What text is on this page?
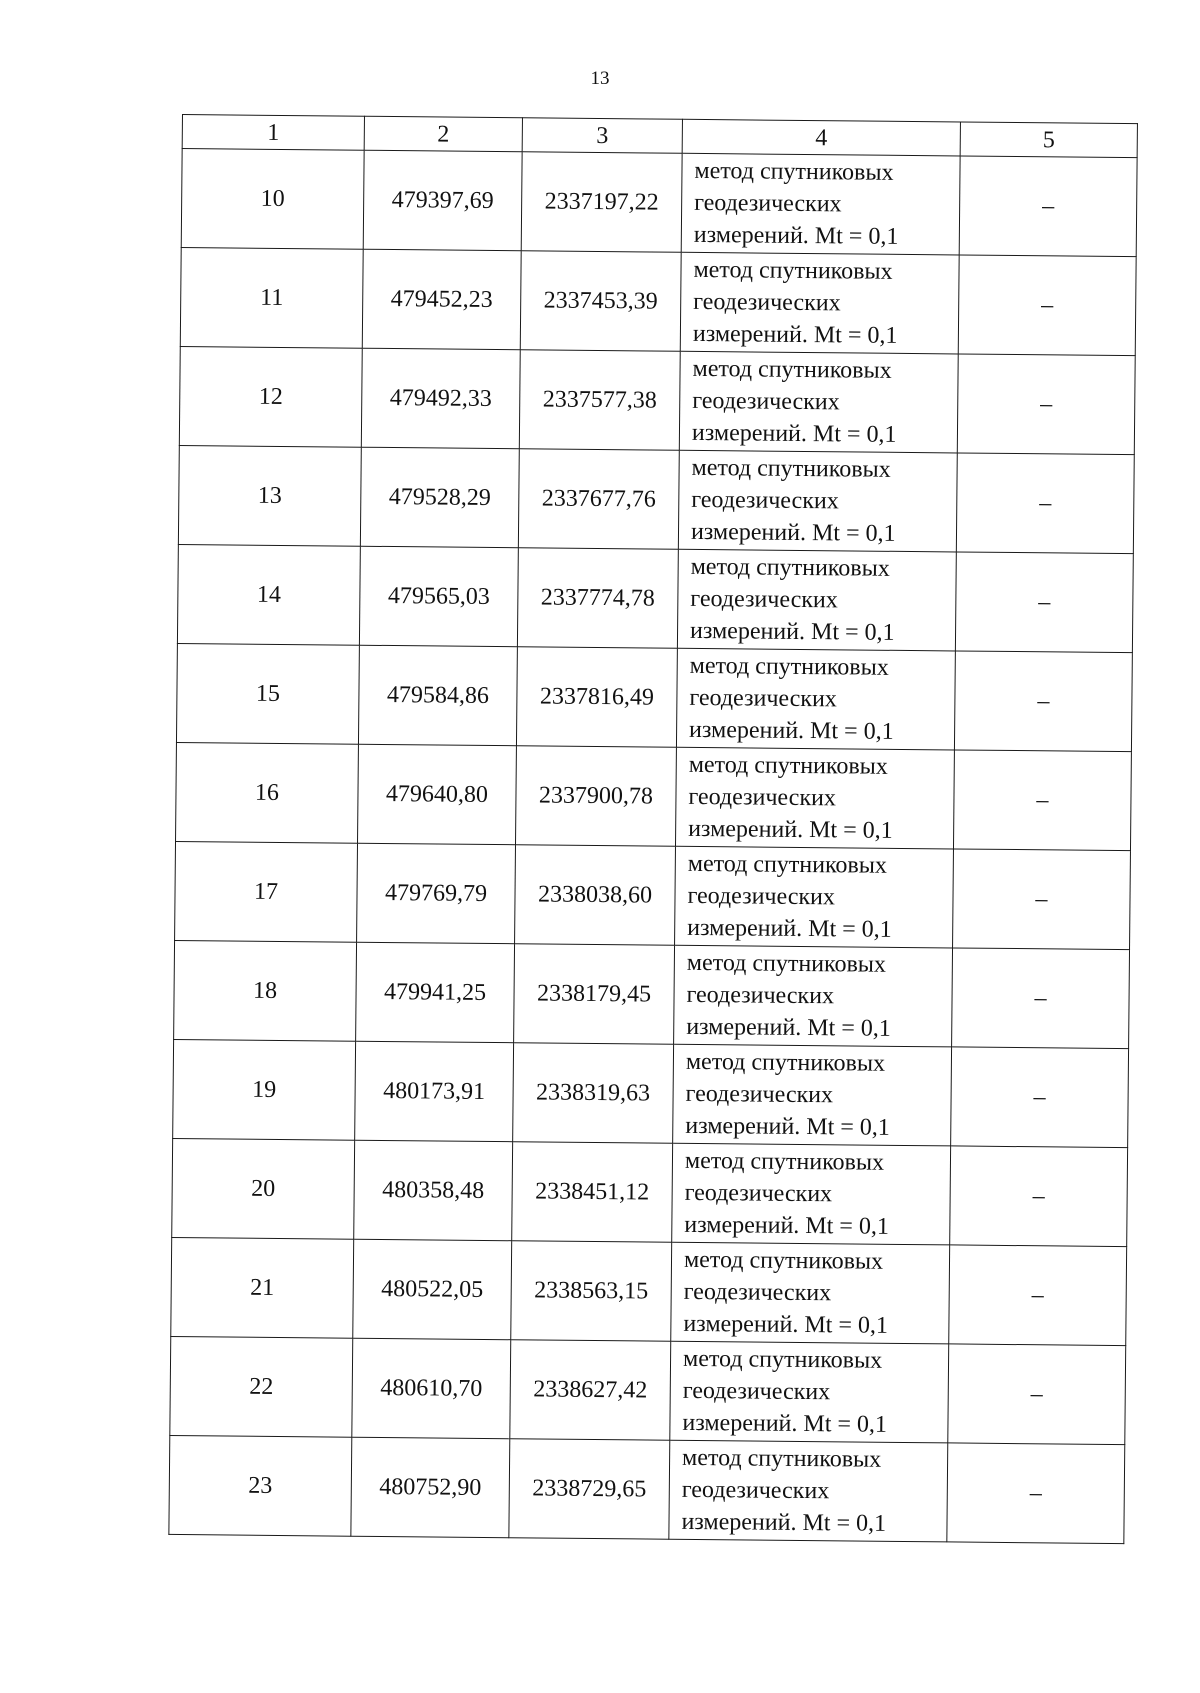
13
1	2	3	4	5
10	479397,69	2337197,22	метод спутниковых
геодезических
измерений. Mt = 0,1	–
11	479452,23	2337453,39	метод спутниковых
геодезических
измерений. Mt = 0,1	–
12	479492,33	2337577,38	метод спутниковых
геодезических
измерений. Mt = 0,1	–
13	479528,29	2337677,76	метод спутниковых
геодезических
измерений. Mt = 0,1	–
14	479565,03	2337774,78	метод спутниковых
геодезических
измерений. Mt = 0,1	–
15	479584,86	2337816,49	метод спутниковых
геодезических
измерений. Mt = 0,1	–
16	479640,80	2337900,78	метод спутниковых
геодезических
измерений. Mt = 0,1	–
17	479769,79	2338038,60	метод спутниковых
геодезических
измерений. Mt = 0,1	–
18	479941,25	2338179,45	метод спутниковых
геодезических
измерений. Mt = 0,1	–
19	480173,91	2338319,63	метод спутниковых
геодезических
измерений. Mt = 0,1	–
20	480358,48	2338451,12	метод спутниковых
геодезических
измерений. Mt = 0,1	–
21	480522,05	2338563,15	метод спутниковых
геодезических
измерений. Mt = 0,1	–
22	480610,70	2338627,42	метод спутниковых
геодезических
измерений. Mt = 0,1	–
23	480752,90	2338729,65	метод спутниковых
геодезических
измерений. Mt = 0,1	–
